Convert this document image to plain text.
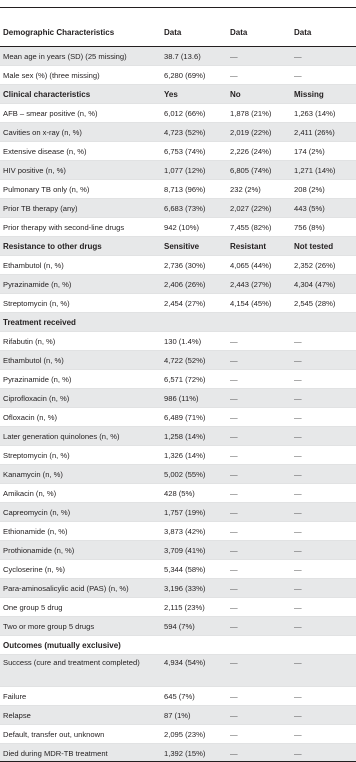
Demographic Characteristics	Data	Data	Data
Mean age in years (SD) (25 missing)	38.7 (13.6)	—	—
Male sex (%) (three missing)	6,280 (69%)	—	—
Clinical characteristics	Yes	No	Missing
AFB – smear positive (n, %)	6,012 (66%)	1,878 (21%)	1,263 (14%)
Cavities on x-ray (n, %)	4,723 (52%)	2,019 (22%)	2,411 (26%)
Extensive disease (n, %)	6,753 (74%)	2,226 (24%)	174 (2%)
HIV positive (n, %)	1,077 (12%)	6,805 (74%)	1,271 (14%)
Pulmonary TB only (n, %)	8,713 (96%)	232 (2%)	208 (2%)
Prior TB therapy (any)	6,683 (73%)	2,027 (22%)	443 (5%)
Prior therapy with second-line drugs	942 (10%)	7,455 (82%)	756 (8%)
Resistance to other drugs	Sensitive	Resistant	Not tested
Ethambutol (n, %)	2,736 (30%)	4,065 (44%)	2,352 (26%)
Pyrazinamide (n, %)	2,406 (26%)	2,443 (27%)	4,304 (47%)
Streptomycin (n, %)	2,454 (27%)	4,154 (45%)	2,545 (28%)
Treatment received			
Rifabutin (n, %)	130 (1.4%)	—	—
Ethambutol (n, %)	4,722 (52%)	—	—
Pyrazinamide (n, %)	6,571 (72%)	—	—
Ciprofloxacin (n, %)	986 (11%)	—	—
Ofloxacin (n, %)	6,489 (71%)	—	—
Later generation quinolones (n, %)	1,258 (14%)	—	—
Streptomycin (n, %)	1,326 (14%)	—	—
Kanamycin (n, %)	5,002 (55%)	—	—
Amikacin (n, %)	428 (5%)	—	—
Capreomycin (n, %)	1,757 (19%)	—	—
Ethionamide (n, %)	3,873 (42%)	—	—
Prothionamide (n, %)	3,709 (41%)	—	—
Cycloserine (n, %)	5,344 (58%)	—	—
Para-aminosalicylic acid (PAS) (n, %)	3,196 (33%)	—	—
One group 5 drug	2,115 (23%)	—	—
Two or more group 5 drugs	594 (7%)	—	—
Outcomes (mutually exclusive)			
Success (cure and treatment completed)	4,934 (54%)	—	—
Failure	645 (7%)	—	—
Relapse	87 (1%)	—	—
Default, transfer out, unknown	2,095 (23%)	—	—
Died during MDR-TB treatment	1,392 (15%)	—	—
